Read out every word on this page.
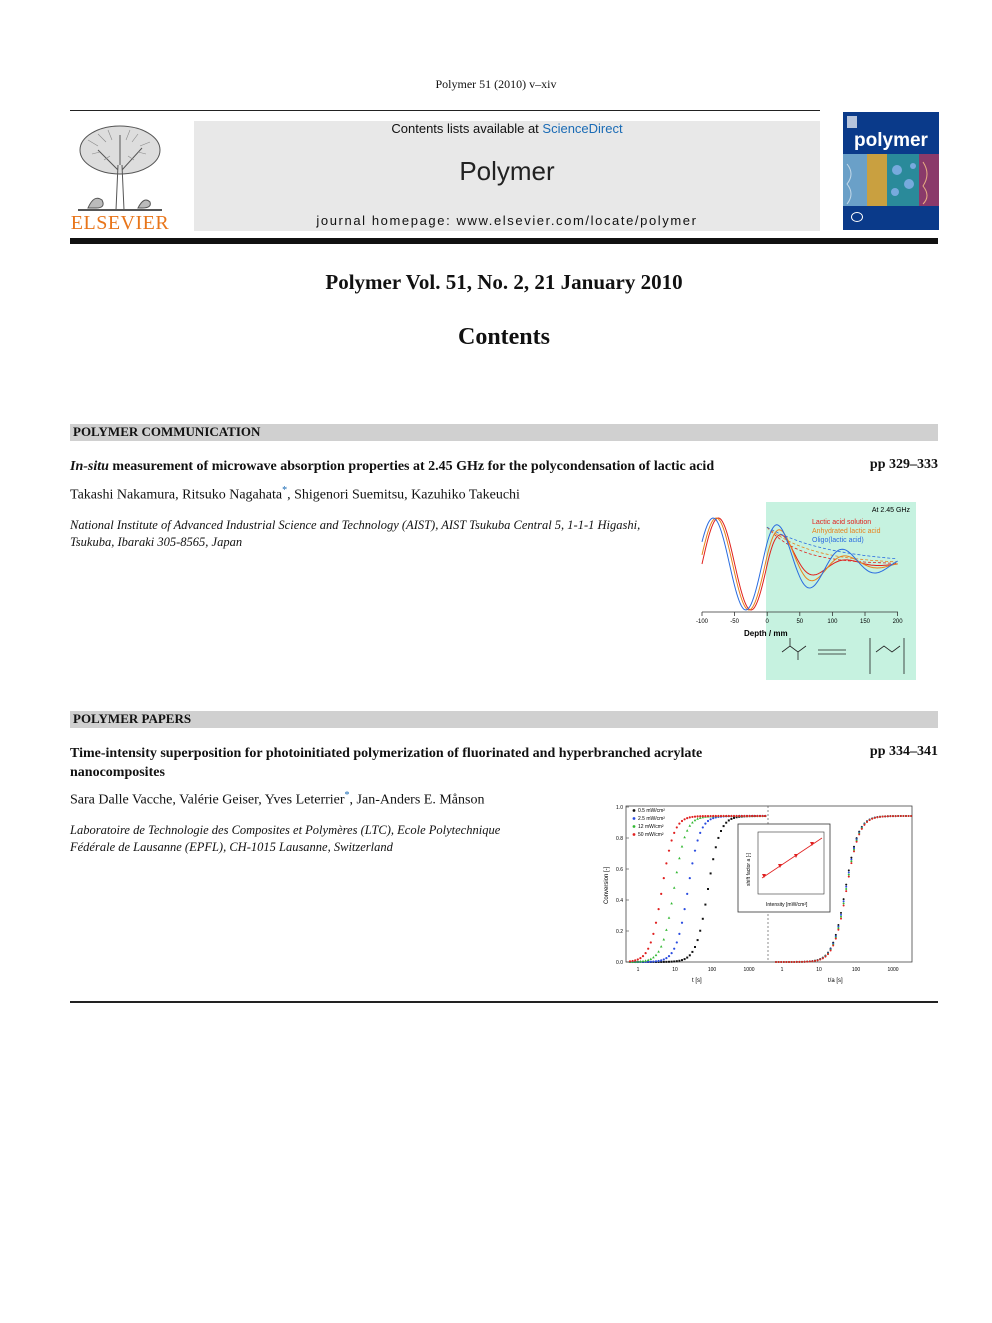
Polymer 51 (2010) v–xiv
ELSEVIER
Contents lists available at ScienceDirect
Polymer
journal homepage: www.elsevier.com/locate/polymer
polymer
Polymer Vol. 51, No. 2, 21 January 2010
Contents
POLYMER COMMUNICATION
In-situ measurement of microwave absorption properties at 2.45 GHz for the polycondensation of lactic acid	pp 329–333
Takashi Nakamura, Ritsuko Nagahata*, Shigenori Suemitsu, Kazuhiko Takeuchi
National Institute of Advanced Industrial Science and Technology (AIST), AIST Tsukuba Central 5, 1-1-1 Higashi,
Tsukuba, Ibaraki 305-8565, Japan
At 2.45 GHz
Lactic acid solution
Anhydrated lactic acid
Oligo(lactic acid)
-100	-50	0	50	100	150	200
Depth / mm
POLYMER PAPERS
Time-intensity superposition for photoinitiated polymerization of fluorinated and hyperbranched acrylate
nanocomposites
pp 334–341
Sara Dalle Vacche, Valérie Geiser, Yves Leterrier*, Jan-Anders E. Månson
Laboratoire de Technologie des Composites et Polymères (LTC), Ecole Polytechnique
Fédérale de Lausanne (EPFL), CH-1015 Lausanne, Switzerland
0.0
0.2
0.4
0.6
0.8
1.0
1	10	100	1000	1	10	100	1000
Conversion [-]
t [s]	t/a [s]
0.5 mW/cm²
2.5 mW/cm²
12 mW/cm²
50 mW/cm²
shift factor a [-]
Intensity [mW/cm²]
